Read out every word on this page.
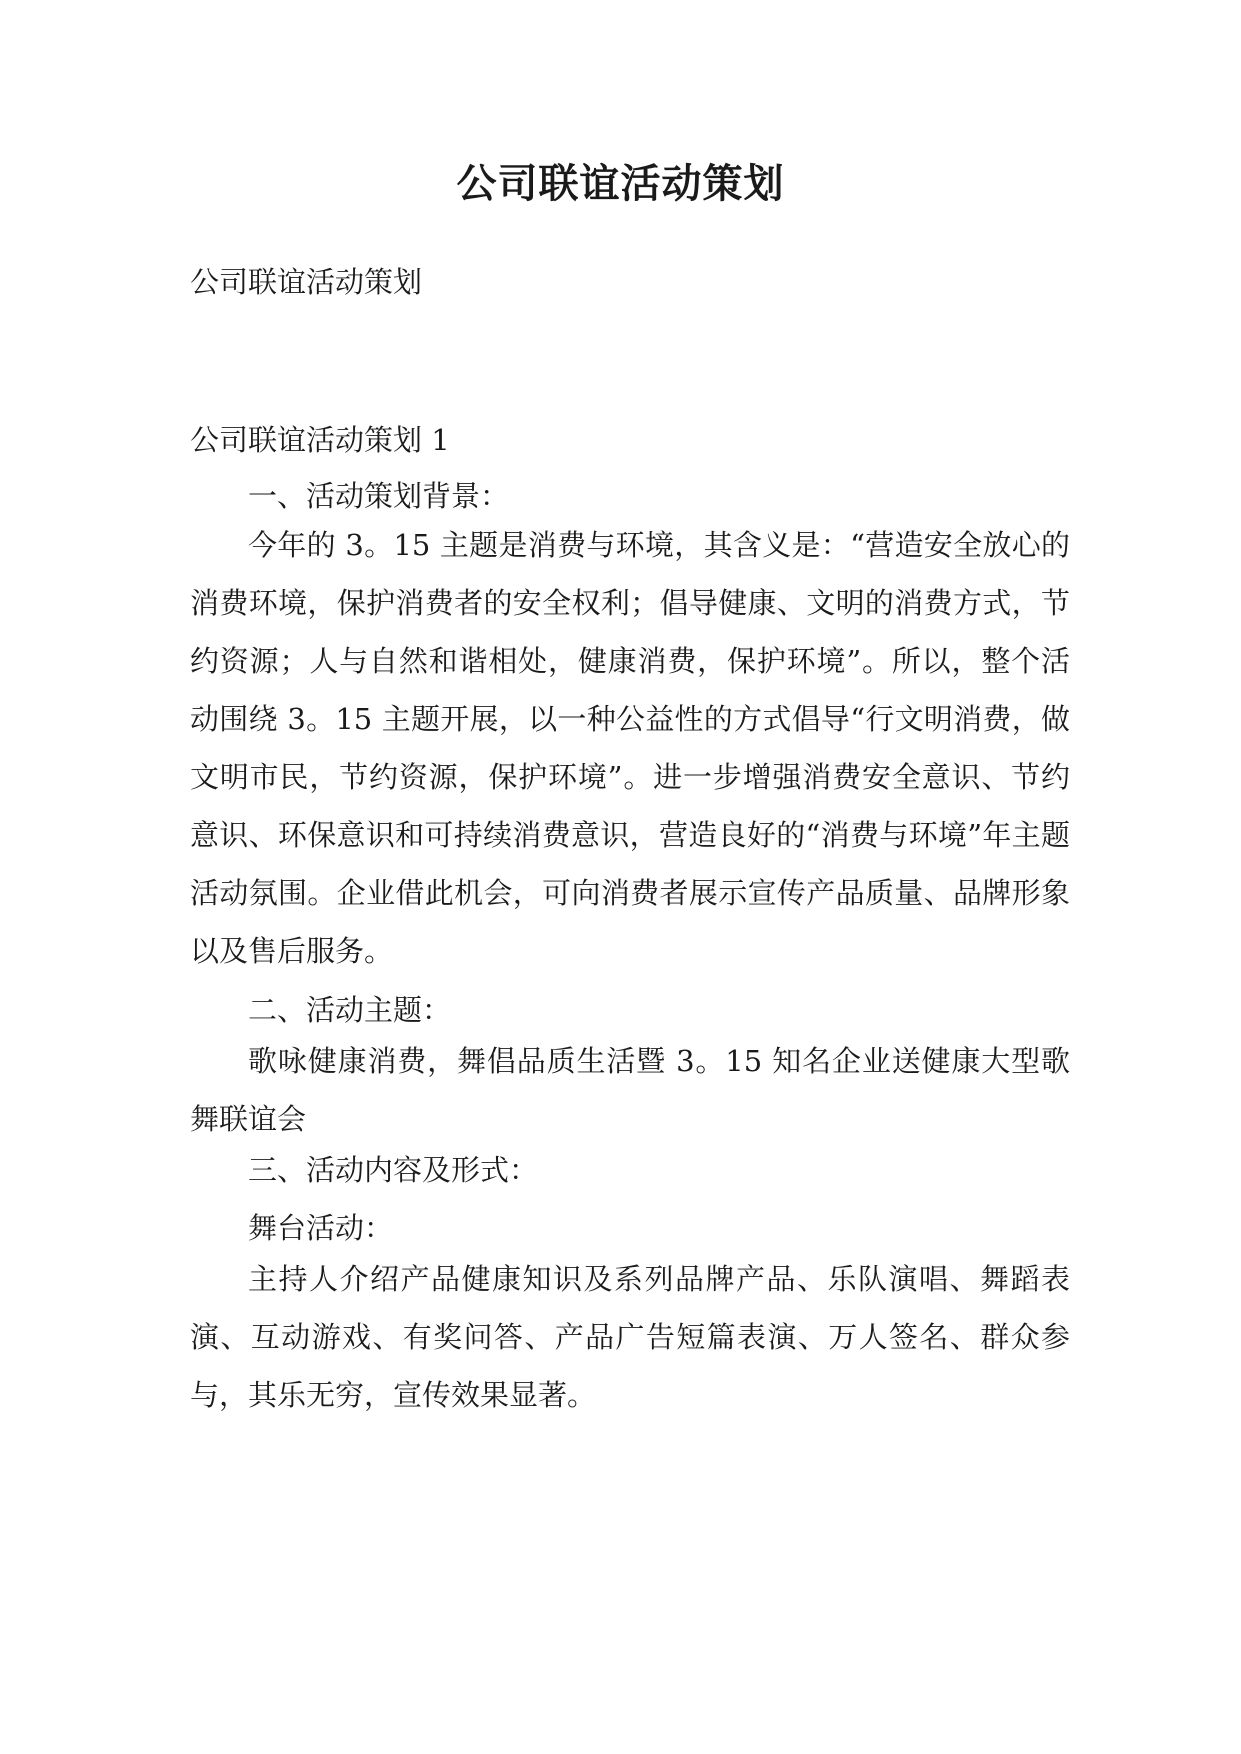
公司联谊活动策划

公司联谊活动策划

公司联谊活动策划 1

一、活动策划背景：

今年的 3。15 主题是消费与环境，其含义是：“营造安全放心的消费环境，保护消费者的安全权利；倡导健康、文明的消费方式，节约资源；人与自然和谐相处，健康消费，保护环境”。所以，整个活动围绕 3。15 主题开展，以一种公益性的方式倡导“行文明消费，做文明市民，节约资源，保护环境”。进一步增强消费安全意识、节约意识、环保意识和可持续消费意识，营造良好的“消费与环境”年主题活动氛围。企业借此机会，可向消费者展示宣传产品质量、品牌形象以及售后服务。

二、活动主题：

歌咏健康消费，舞倡品质生活暨 3。15 知名企业送健康大型歌舞联谊会

三、活动内容及形式：

舞台活动：

主持人介绍产品健康知识及系列品牌产品、乐队演唱、舞蹈表演、互动游戏、有奖问答、产品广告短篇表演、万人签名、群众参与，其乐无穷，宣传效果显著。
